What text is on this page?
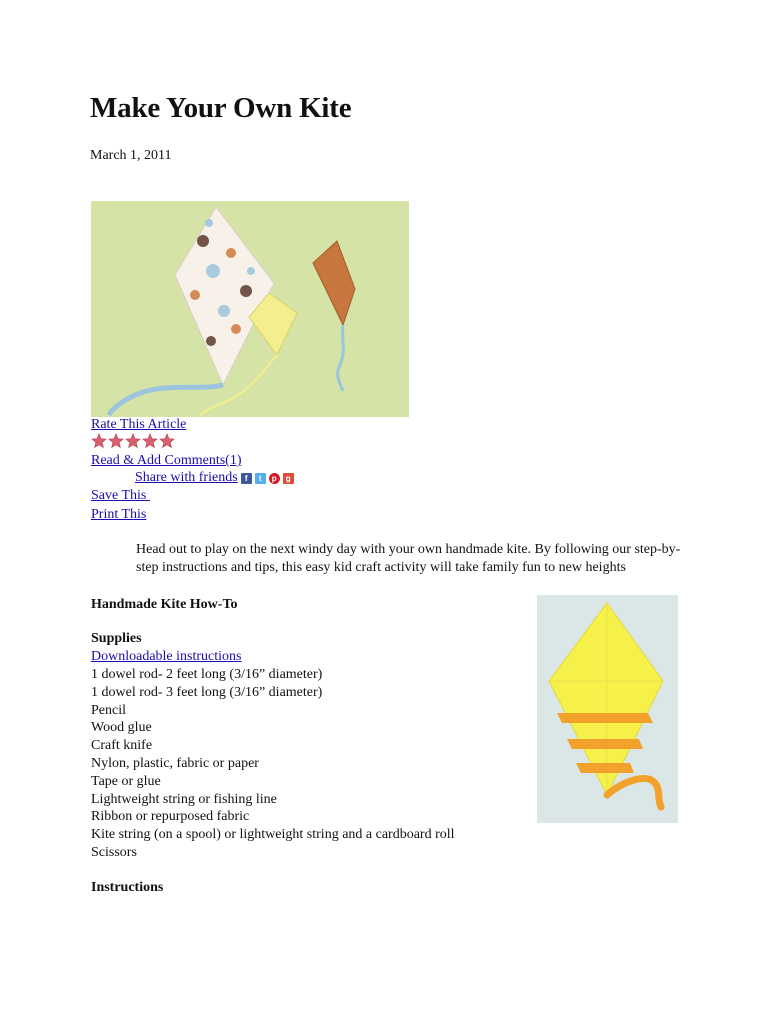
Make Your Own Kite
March 1, 2011
Rate This Article
Read & Add Comments(1)
Share with friends f	t	p	g
Save This
Print This
Head out to play on the next windy day with your own handmade kite. By following our step-by-step instructions and tips, this easy kid craft activity will take family fun to new heights
Handmade Kite How-To
Supplies
Downloadable instructions
1 dowel rod- 2 feet long (3/16” diameter)
1 dowel rod- 3 feet long (3/16” diameter)
Pencil
Wood glue
Craft knife
Nylon, plastic, fabric or paper
Tape or glue
Lightweight string or fishing line
Ribbon or repurposed fabric
Kite string (on a spool) or lightweight string and a cardboard roll
Scissors
Instructions
